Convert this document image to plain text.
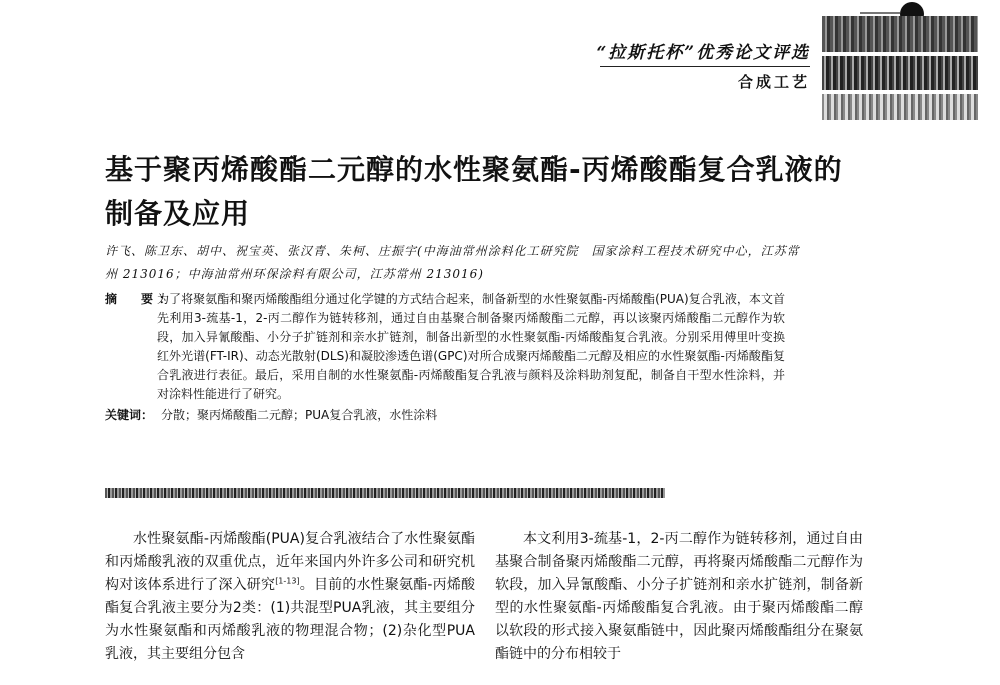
“拉斯托杯”优秀论文评选
合成工艺
基于聚丙烯酸酯二元醇的水性聚氨酯-丙烯酸酯复合乳液的制备及应用

许飞、陈卫东、胡中、祝宝英、张汉青、朱柯、庄振宇(中海油常州涂料化工研究院　国家涂料工程技术研究中心，江苏常州 213016；中海油常州环保涂料有限公司，江苏常州 213016)

摘　要：

为了将聚氨酯和聚丙烯酸酯组分通过化学键的方式结合起来，制备新型的水性聚氨酯-丙烯酸酯(PUA)复合乳液，本文首先利用3-巯基-1，2-丙二醇作为链转移剂，通过自由基聚合制备聚丙烯酸酯二元醇，再以该聚丙烯酸酯二元醇作为软段，加入异氰酸酯、小分子扩链剂和亲水扩链剂，制备出新型的水性聚氨酯-丙烯酸酯复合乳液。分别采用傅里叶变换红外光谱(FT-IR)、动态光散射(DLS)和凝胶渗透色谱(GPC)对所合成聚丙烯酸酯二元醇及相应的水性聚氨酯-丙烯酸酯复合乳液进行表征。最后，采用自制的水性聚氨酯-丙烯酸酯复合乳液与颜料及涂料助剂复配，制备自干型水性涂料，并对涂料性能进行了研究。

关键词： 分散；聚丙烯酸酯二元醇；PUA复合乳液，水性涂料

水性聚氨酯-丙烯酸酯(PUA)复合乳液结合了水性聚氨酯和丙烯酸乳液的双重优点，近年来国内外许多公司和研究机构对该体系进行了深入研究[1-13]。目前的水性聚氨酯-丙烯酸酯复合乳液主要分为2类：(1)共混型PUA乳液，其主要组分为水性聚氨酯和丙烯酸乳液的物理混合物；(2)杂化型PUA乳液，其主要组分包含

本文利用3-巯基-1，2-丙二醇作为链转移剂，通过自由基聚合制备聚丙烯酸酯二元醇，再将聚丙烯酸酯二元醇作为软段，加入异氰酸酯、小分子扩链剂和亲水扩链剂，制备新型的水性聚氨酯-丙烯酸酯复合乳液。由于聚丙烯酸酯二醇以软段的形式接入聚氨酯链中，因此聚丙烯酸酯组分在聚氨酯链中的分布相较于
